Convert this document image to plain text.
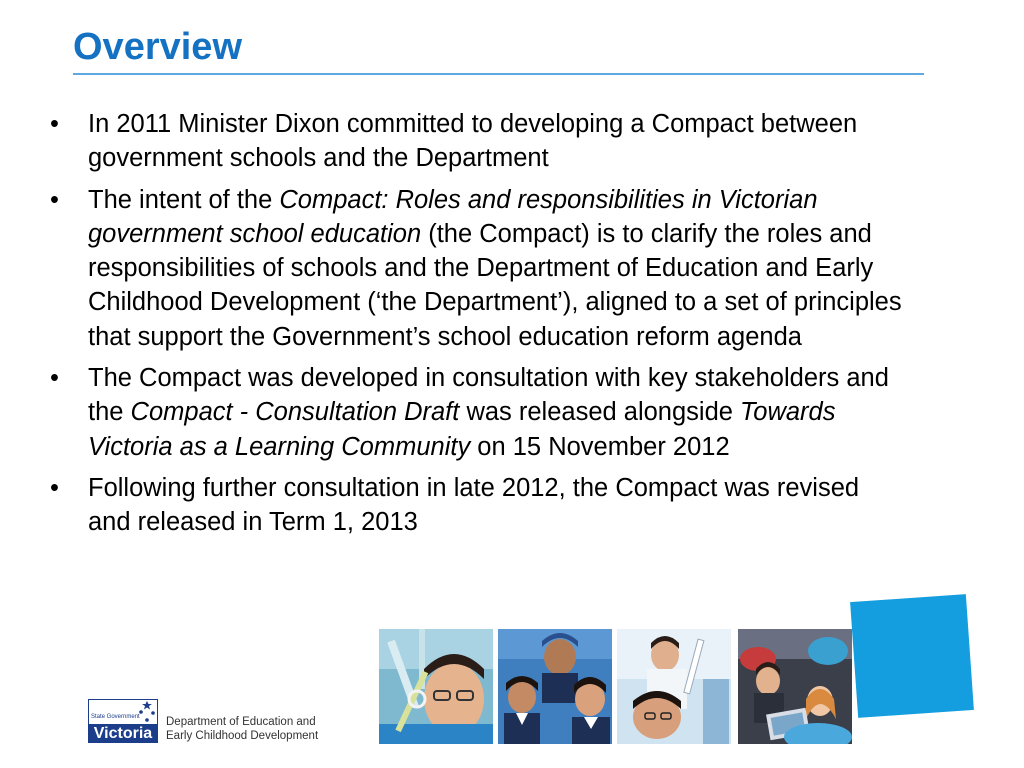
Overview
• In 2011 Minister Dixon committed to developing a Compact between government schools and the Department
• The intent of the Compact: Roles and responsibilities in Victorian government school education (the Compact) is to clarify the roles and responsibilities of schools and the Department of Education and Early Childhood Development (‘the Department’), aligned to a set of principles that support the Government’s school education reform agenda
• The Compact was developed in consultation with key stakeholders and the Compact - Consultation Draft was released alongside Towards Victoria as a Learning Community on 15 November 2012
• Following further consultation in late 2012, the Compact was revised and released in Term 1, 2013
State Government
Victoria
Department of Education and
Early Childhood Development
